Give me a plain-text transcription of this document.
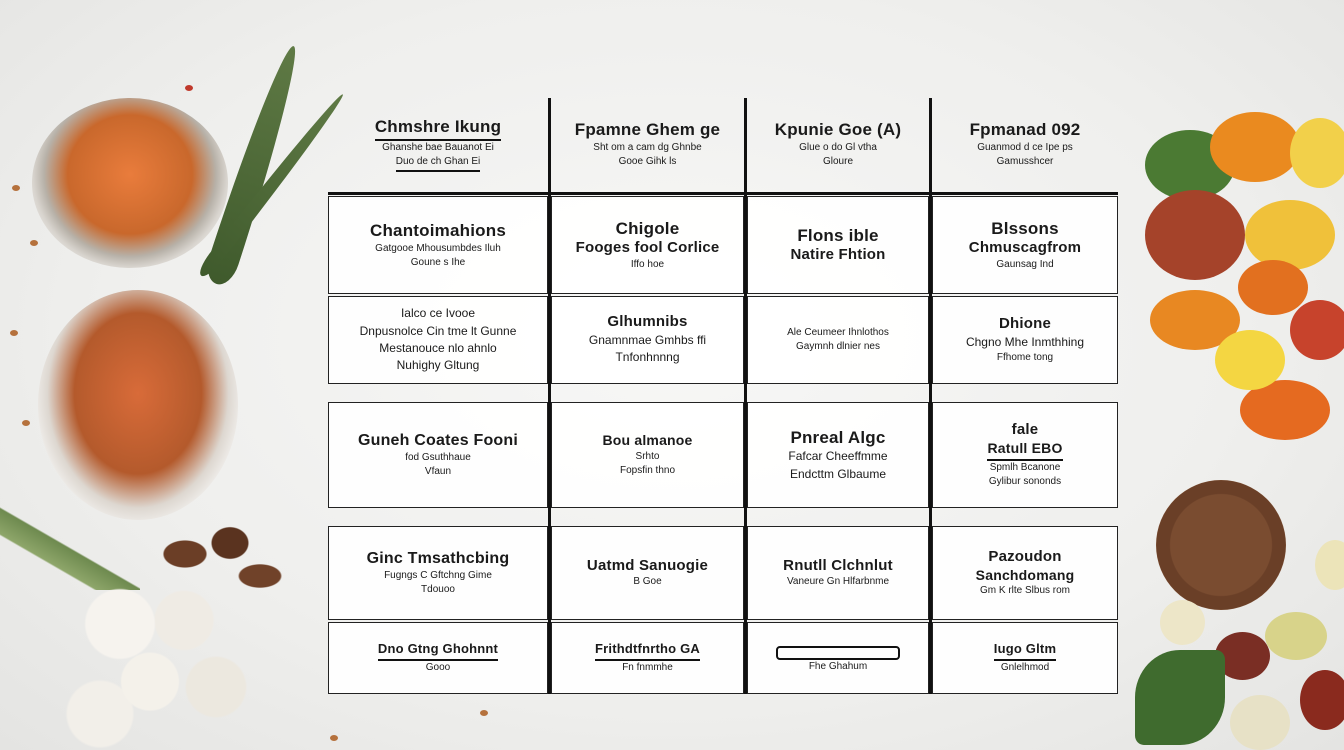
Chmshre Ikung
Ghanshe bae Bauanot Ei
Duo de ch Ghan Ei
Fpamne Ghem ge
Sht om a cam dg Ghnbe
Gooe Gihk ls
Kpunie Goe (A)
Glue o do Gl vtha
Gloure
Fpmanad 092
Guanmod d ce Ipe ps
Gamusshcer
Chantoimahions
Gatgooe Mhousumbdes Iluh
Goune s Ihe
Chigole
Fooges fool Corlice
Iffo hoe
Flons ible
Natire Fhtion
Blssons
Chmuscagfrom
Gaunsag Ind
Ialco ce Ivooe
Dnpusnolce Cin tme lt Gunne
Mestanouce nlo ahnlo
Nuhighy Gltung
Glhumnibs
Gnamnmae Gmhbs ffi
Tnfonhnnng
Ale Ceumeer Ihnlothos
Gaymnh dlnier nes
Dhione
Chgno Mhe Inmthhing
Ffhome tong
Guneh Coates Fooni
fod Gsuthhaue
Vfaun
Bou almanoe
Srhto
Fopsfin thno
Pnreal Algc
Fafcar Cheeffmme
Endcttm Glbaume
fale
Ratull EBO
Spmlh Bcanone
Gylibur sononds
Ginc Tmsathcbing
Fugngs C Gftchng Gime
Tdouoo
Uatmd Sanuogie
B Goe
Rnutll Clchnlut
Vaneure Gn Hlfarbnme
Pazoudon
Sanchdomang
Gm K rlte Slbus rom
Dno Gtng Ghohnnt
Gooo
Frithdtfnrtho GA
Fn fnmmhe	Fhe Ghahum
Iugo Gltm
Gnlelhmod
